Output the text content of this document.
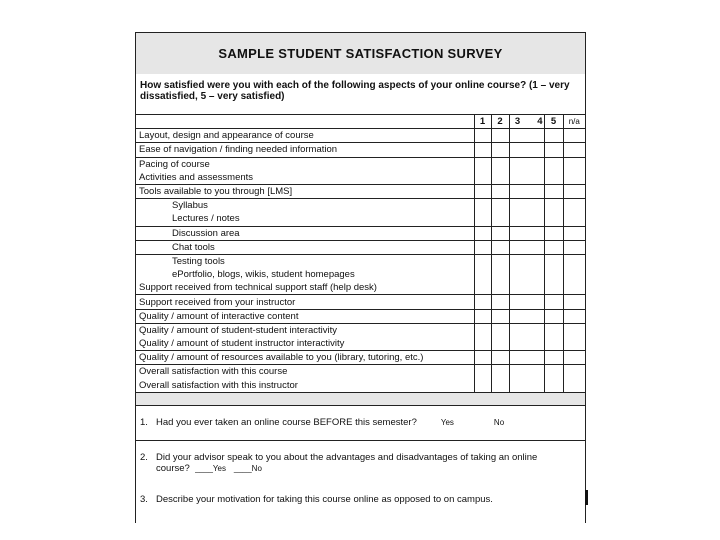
SAMPLE STUDENT SATISFACTION SURVEY
How satisfied were you with each of the following aspects of your online course? (1 – very dissatisfied, 5 – very satisfied)
	1	2	3 4	5	n/a
Layout, design and appearance of course					
Ease of navigation / finding needed information					
Pacing of course					
Activities and assessments					
Tools available to you through [LMS]					
Syllabus					
Lectures / notes					
Discussion area					
Chat tools					
Testing tools					
ePortfolio, blogs, wikis, student homepages					
Support received from technical support staff (help desk)					
Support received from your instructor					
Quality / amount of interactive content					
Quality / amount of student-student interactivity					
Quality / amount of student instructor interactivity					
Quality / amount of resources available to you (library, tutoring, etc.)					
Overall satisfaction with this course					
Overall satisfaction with this instructor					
1. Had you ever taken an online course BEFORE this semester?	Yes	No
2. Did your advisor speak to you about the advantages and disadvantages of taking an online course? ____Yes ____No
3. Describe your motivation for taking this course online as opposed to on campus.
